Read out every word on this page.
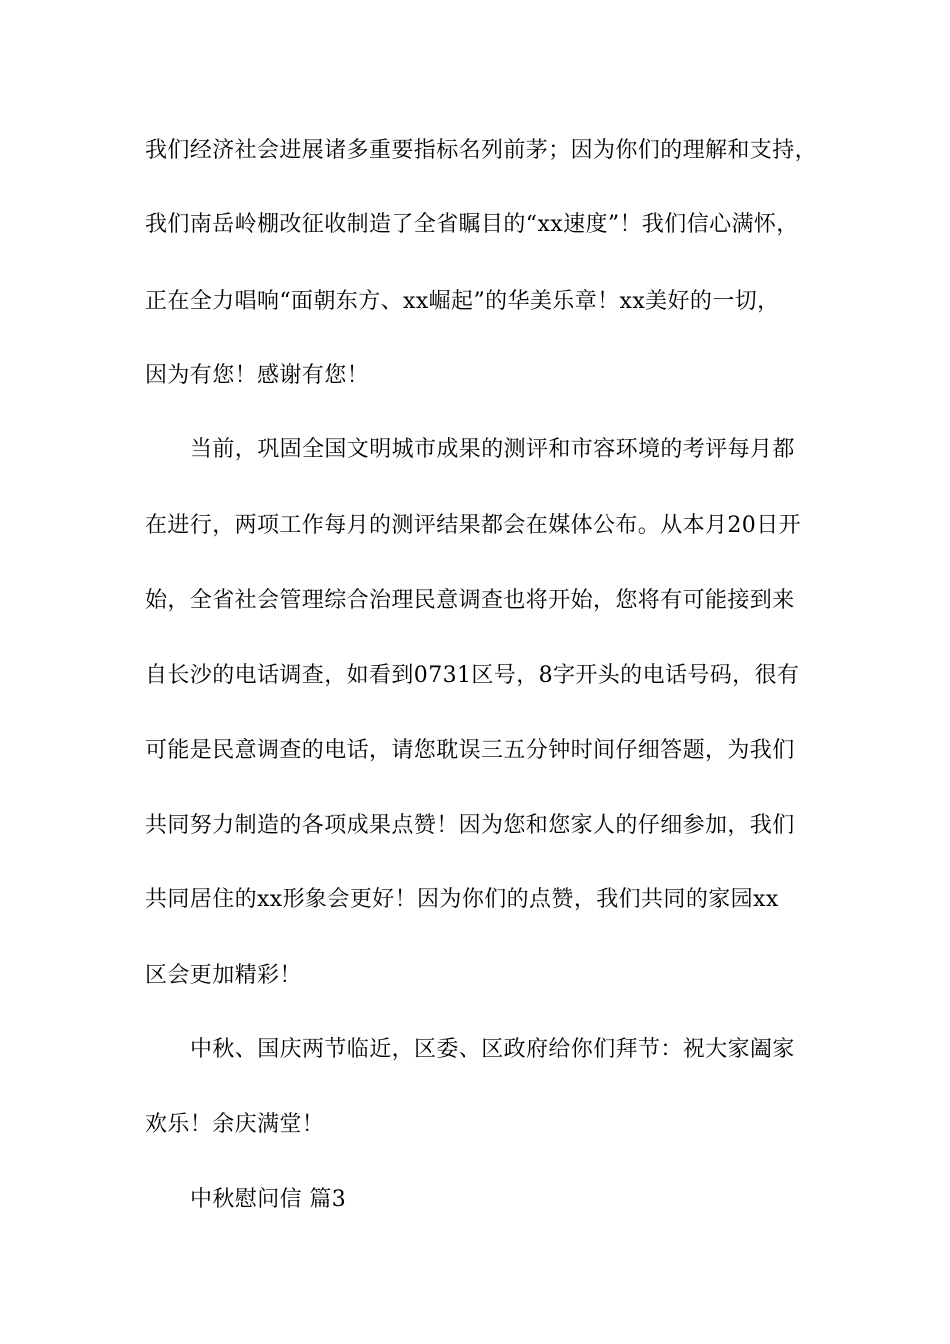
我们经济社会进展诸多重要指标名列前茅；因为你们的理解和支持，
我们南岳岭棚改征收制造了全省瞩目的“xx速度”！我们信心满怀，
正在全力唱响“面朝东方、xx崛起”的华美乐章！xx美好的一切，
因为有您！感谢有您！
当前，巩固全国文明城市成果的测评和市容环境的考评每月都
在进行，两项工作每月的测评结果都会在媒体公布。从本月20日开
始，全省社会管理综合治理民意调查也将开始，您将有可能接到来
自长沙的电话调查，如看到0731区号，8字开头的电话号码，很有
可能是民意调查的电话，请您耽误三五分钟时间仔细答题，为我们
共同努力制造的各项成果点赞！因为您和您家人的仔细参加，我们
共同居住的xx形象会更好！因为你们的点赞，我们共同的家园xx
区会更加精彩！
中秋、国庆两节临近，区委、区政府给你们拜节：祝大家阖家
欢乐！余庆满堂！
中秋慰问信 篇3
